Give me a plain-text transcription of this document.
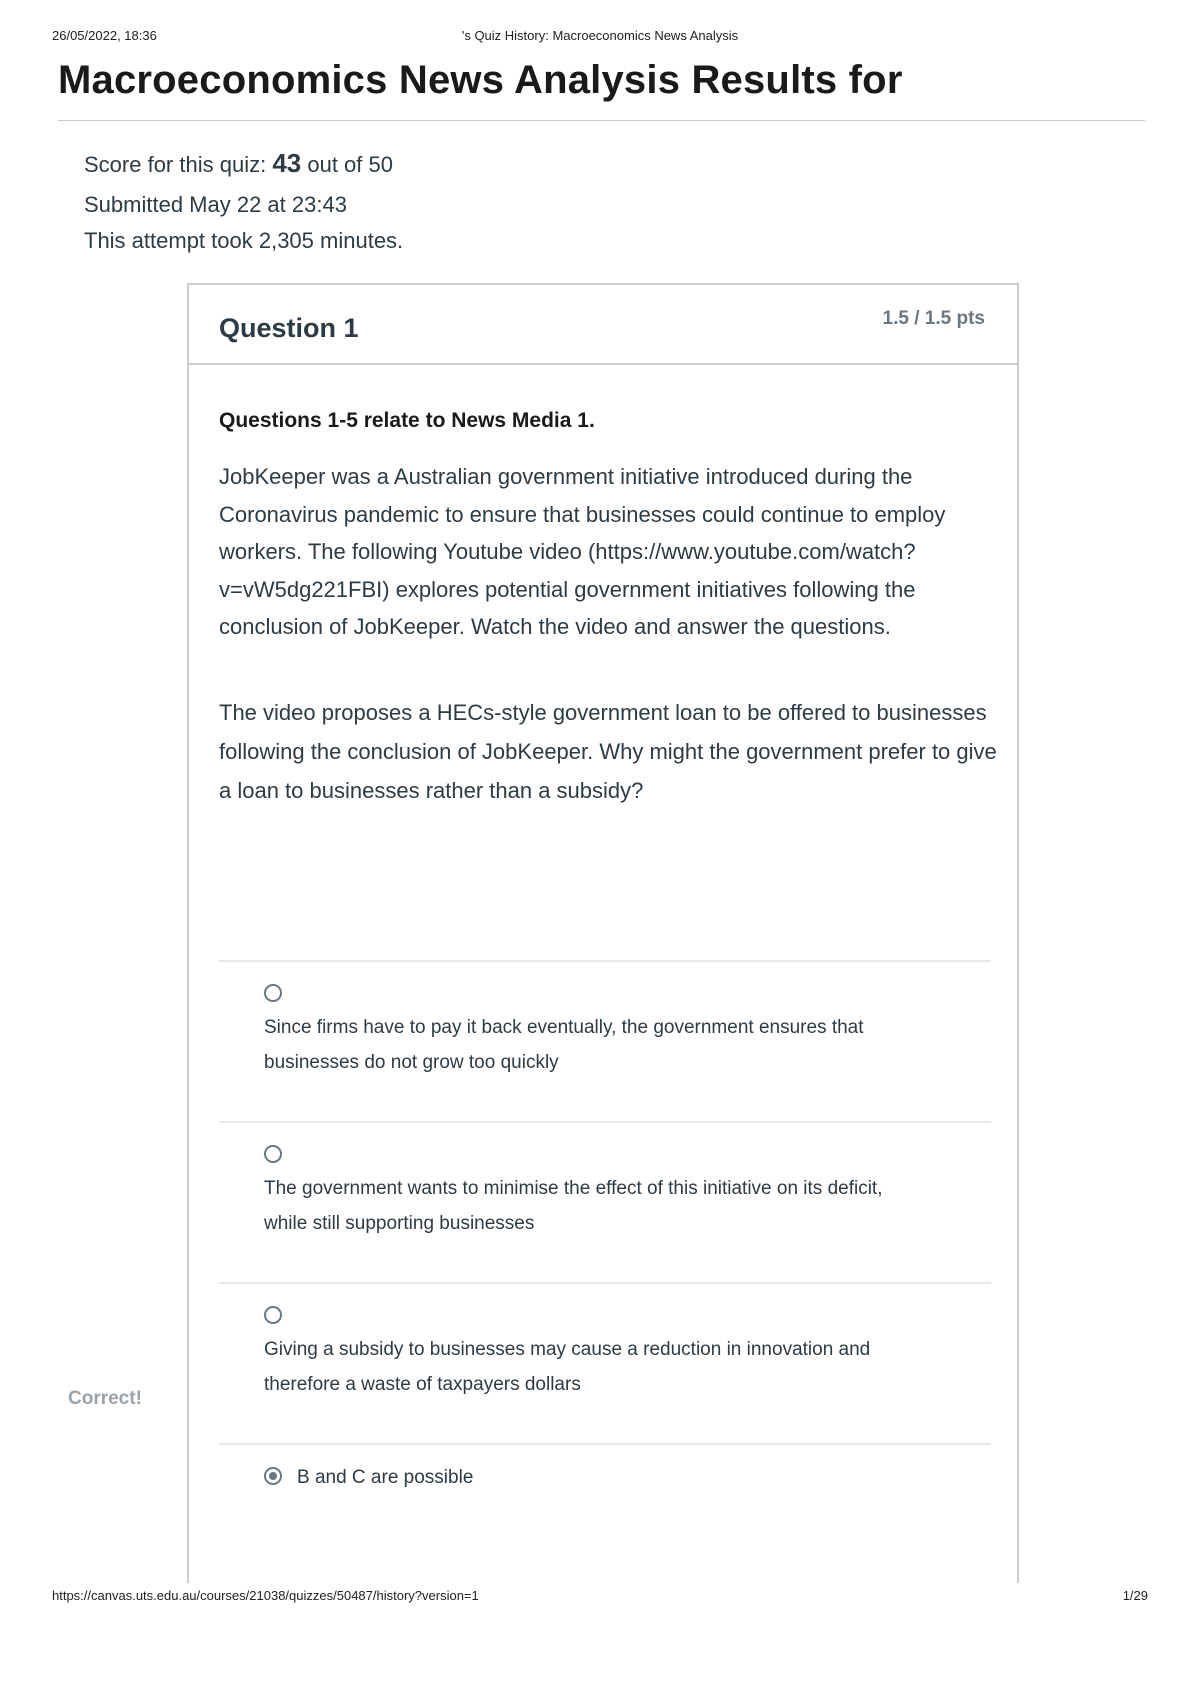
26/05/2022, 18:36	's Quiz History: Macroeconomics News Analysis
Macroeconomics News Analysis Results for
Score for this quiz: 43 out of 50
Submitted May 22 at 23:43
This attempt took 2,305 minutes.
Question 1	1.5 / 1.5 pts
Questions 1-5 relate to News Media 1.
JobKeeper was a Australian government initiative introduced during the Coronavirus pandemic to ensure that businesses could continue to employ workers. The following Youtube video (https://www.youtube.com/watch?v=vW5dg221FBI) explores potential government initiatives following the conclusion of JobKeeper. Watch the video and answer the questions.
The video proposes a HECs-style government loan to be offered to businesses following the conclusion of JobKeeper. Why might the government prefer to give a loan to businesses rather than a subsidy?
Since firms have to pay it back eventually, the government ensures that businesses do not grow too quickly
The government wants to minimise the effect of this initiative on its deficit, while still supporting businesses
Giving a subsidy to businesses may cause a reduction in innovation and therefore a waste of taxpayers dollars
B and C are possible
Correct!
https://canvas.uts.edu.au/courses/21038/quizzes/50487/history?version=1	1/29
